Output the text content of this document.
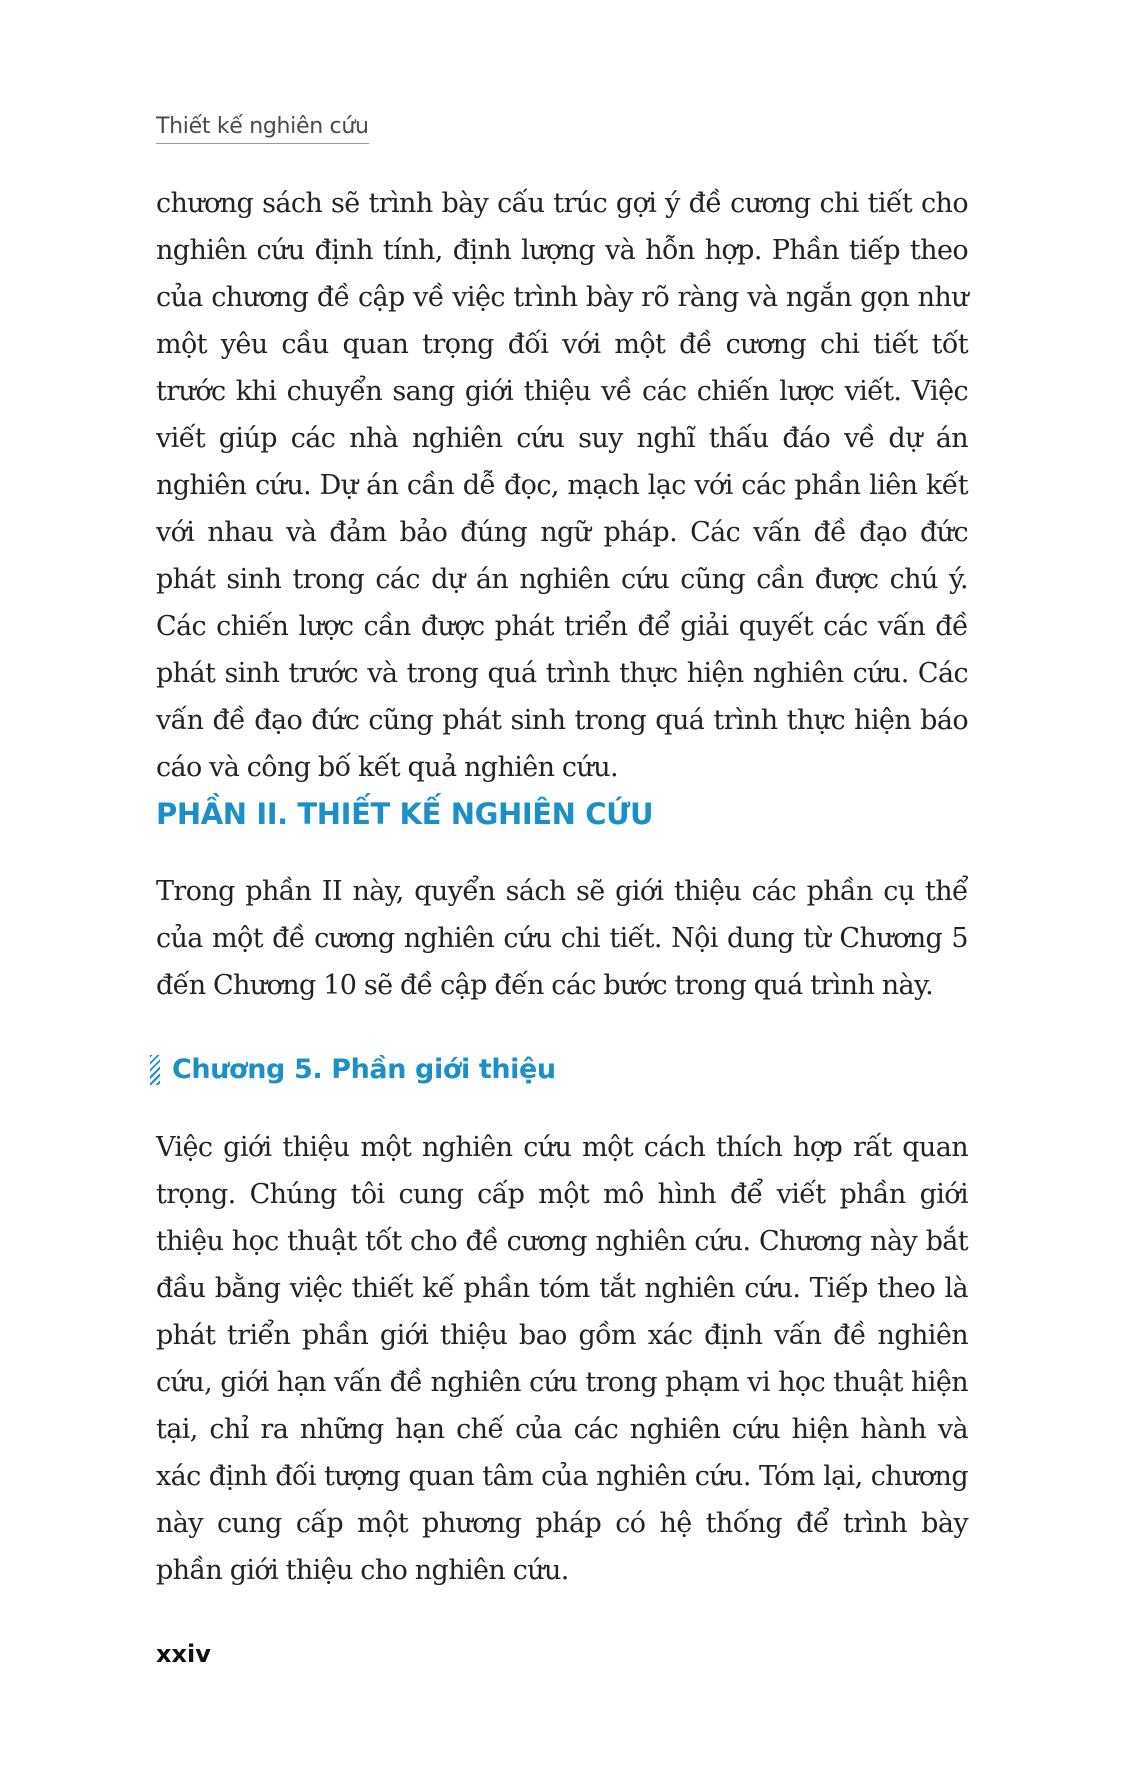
Thiết kế nghiên cứu

chương sách sẽ trình bày cấu trúc gợi ý đề cương chi tiết cho nghiên cứu định tính, định lượng và hỗn hợp. Phần tiếp theo của chương đề cập về việc trình bày rõ ràng và ngắn gọn như một yêu cầu quan trọng đối với một đề cương chi tiết tốt trước khi chuyển sang giới thiệu về các chiến lược viết. Việc viết giúp các nhà nghiên cứu suy nghĩ thấu đáo về dự án nghiên cứu. Dự án cần dễ đọc, mạch lạc với các phần liên kết với nhau và đảm bảo đúng ngữ pháp. Các vấn đề đạo đức phát sinh trong các dự án nghiên cứu cũng cần được chú ý. Các chiến lược cần được phát triển để giải quyết các vấn đề phát sinh trước và trong quá trình thực hiện nghiên cứu. Các vấn đề đạo đức cũng phát sinh trong quá trình thực hiện báo cáo và công bố kết quả nghiên cứu.

PHẦN II. THIẾT KẾ NGHIÊN CỨU

Trong phần II này, quyển sách sẽ giới thiệu các phần cụ thể của một đề cương nghiên cứu chi tiết. Nội dung từ Chương 5 đến Chương 10 sẽ đề cập đến các bước trong quá trình này.

Chương 5. Phần giới thiệu

Việc giới thiệu một nghiên cứu một cách thích hợp rất quan trọng. Chúng tôi cung cấp một mô hình để viết phần giới thiệu học thuật tốt cho đề cương nghiên cứu. Chương này bắt đầu bằng việc thiết kế phần tóm tắt nghiên cứu. Tiếp theo là phát triển phần giới thiệu bao gồm xác định vấn đề nghiên cứu, giới hạn vấn đề nghiên cứu trong phạm vi học thuật hiện tại, chỉ ra những hạn chế của các nghiên cứu hiện hành và xác định đối tượng quan tâm của nghiên cứu. Tóm lại, chương này cung cấp một phương pháp có hệ thống để trình bày phần giới thiệu cho nghiên cứu.

xxiv
